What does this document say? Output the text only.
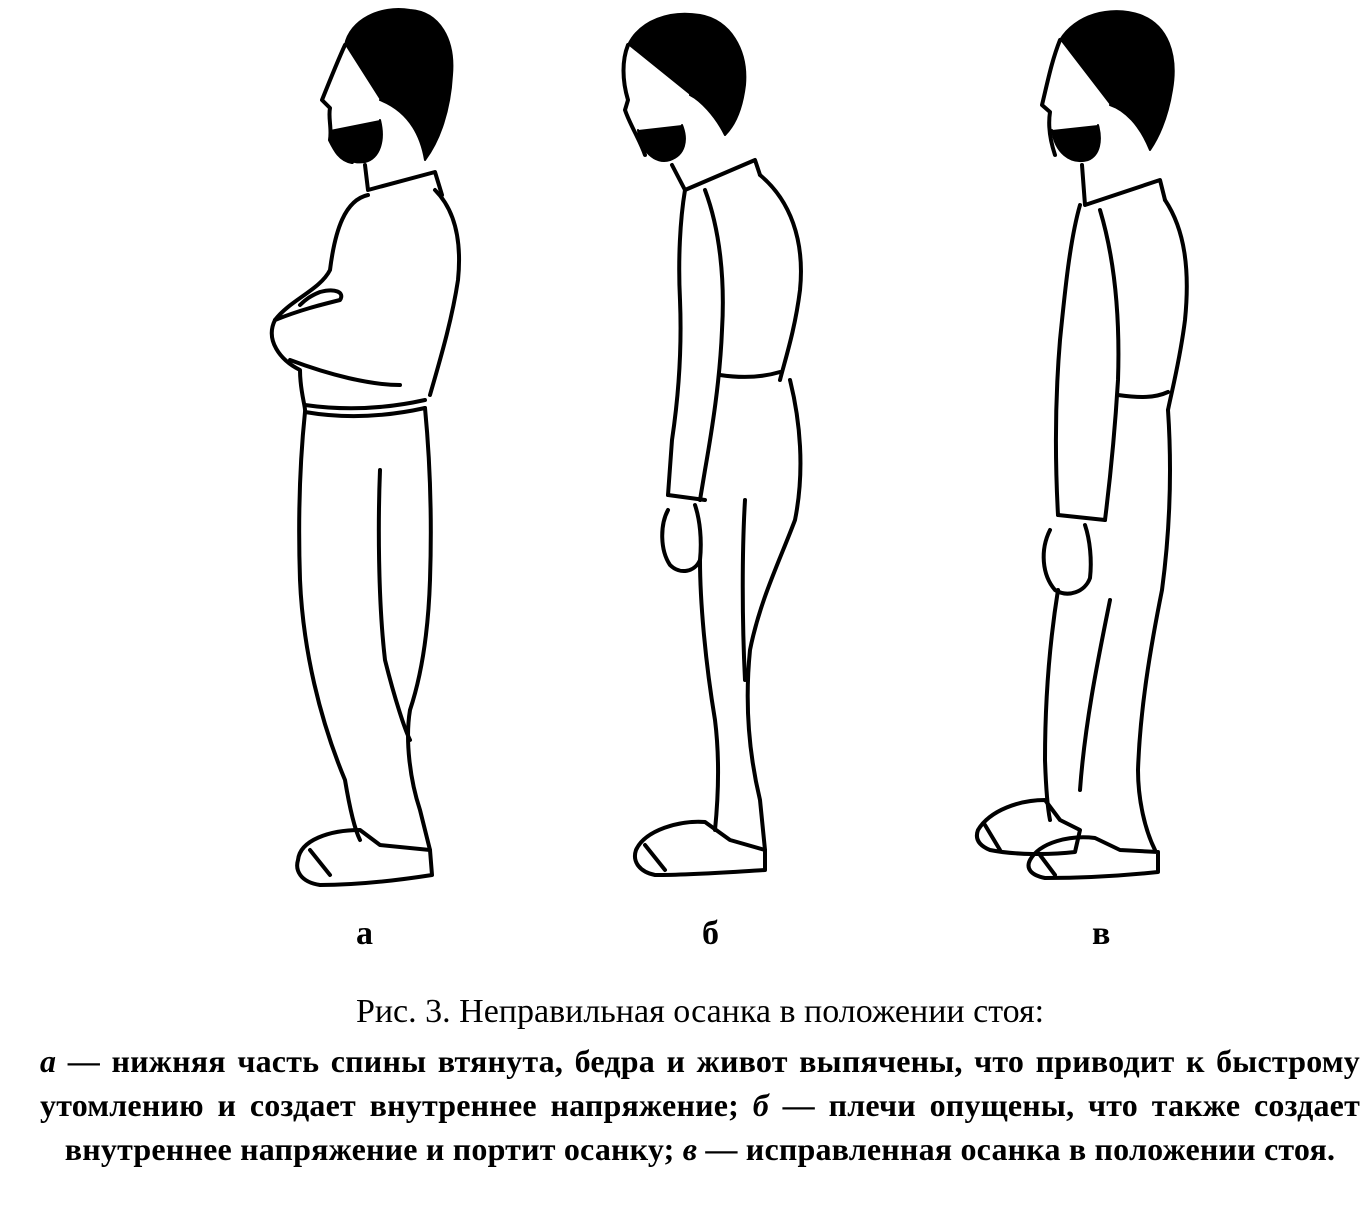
а	б	в

Рис. 3. Неправильная осанка в положении стоя:

а — нижняя часть спины втянута, бедра и живот выпячены, что приводит к быстрому утомлению и создает внутреннее напряжение; б — плечи опущены, что также создает внутреннее напряжение и портит осанку; в — исправленная осанка в положении стоя.
